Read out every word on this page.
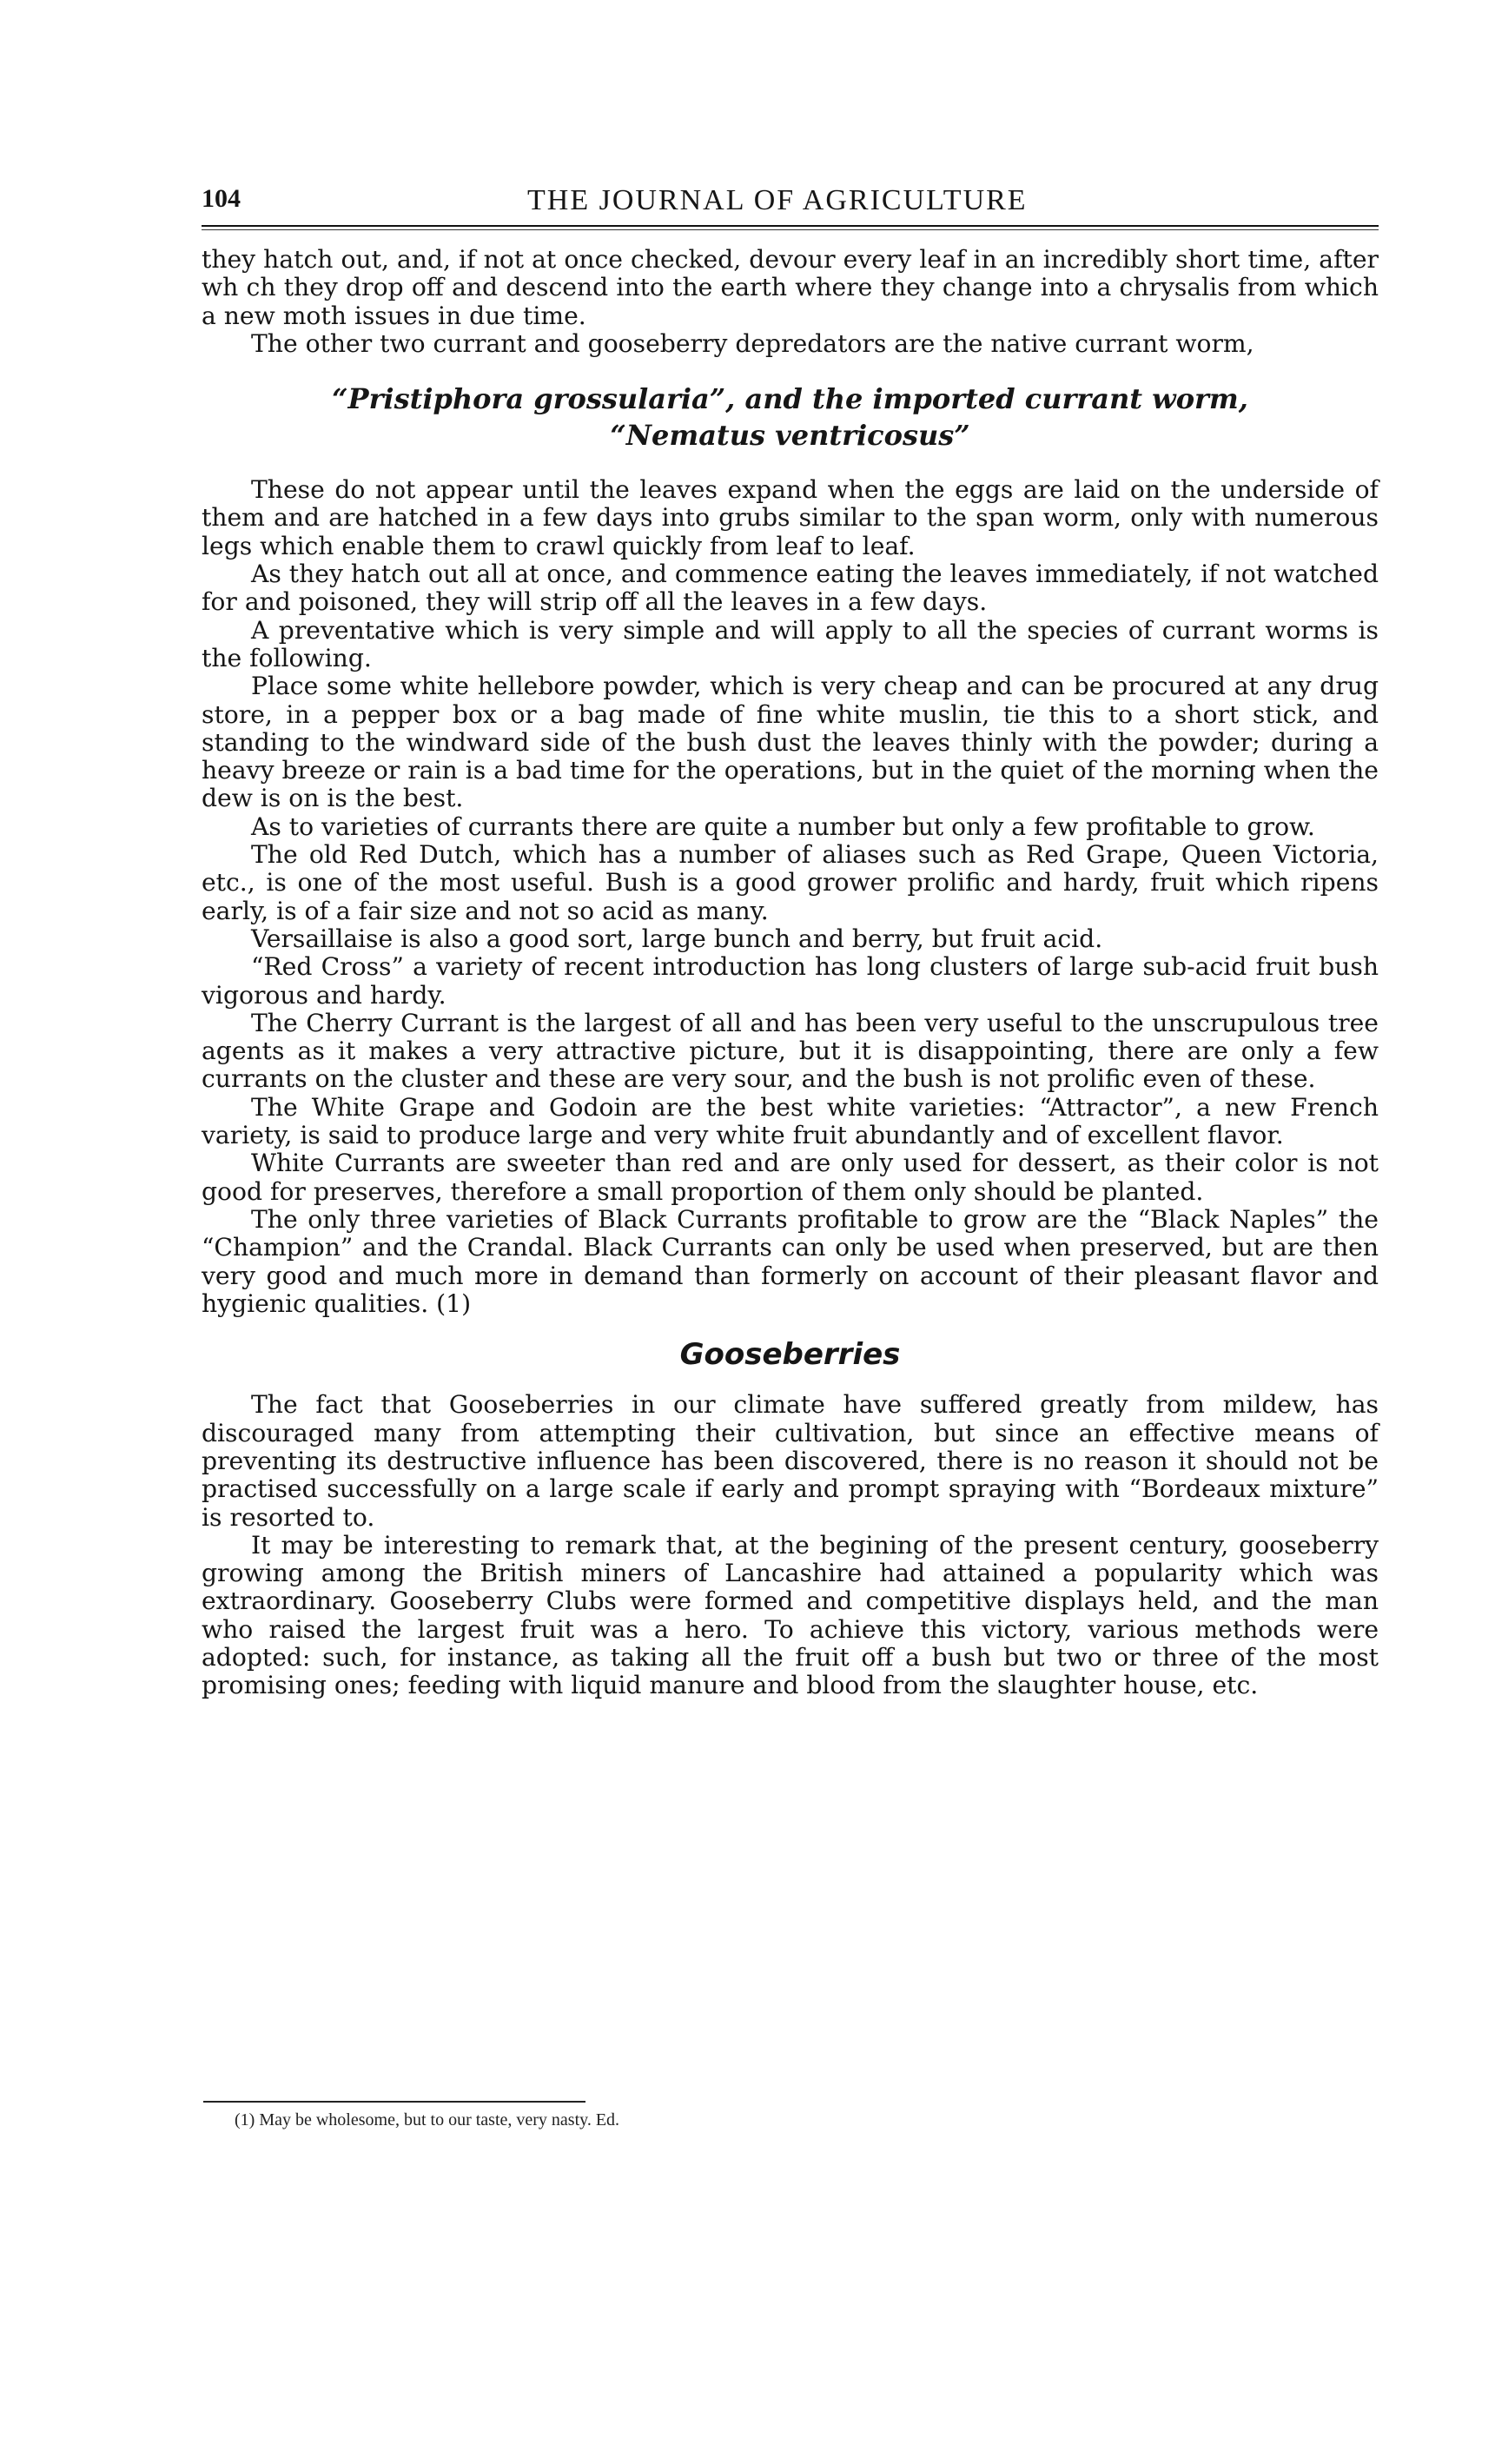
104	THE JOURNAL OF AGRICULTURE

they hatch out, and, if not at once checked, devour every leaf in an incredibly short time, after wh ch they drop off and descend into the earth where they change into a chrysalis from which a new moth issues in due time.

The other two currant and gooseberry depredators are the native currant worm,

“Pristiphora grossularia”, and the imported currant worm,
“Nematus ventricosus”

These do not appear until the leaves expand when the eggs are laid on the underside of them and are hatched in a few days into grubs similar to the span worm, only with numerous legs which enable them to crawl quickly from leaf to leaf.

As they hatch out all at once, and commence eating the leaves immediately, if not watched for and poisoned, they will strip off all the leaves in a few days.

A preventative which is very simple and will apply to all the species of currant worms is the following.

Place some white hellebore powder, which is very cheap and can be procured at any drug store, in a pepper box or a bag made of fine white muslin, tie this to a short stick, and standing to the windward side of the bush dust the leaves thinly with the powder; during a heavy breeze or rain is a bad time for the operations, but in the quiet of the morning when the dew is on is the best.

As to varieties of currants there are quite a number but only a few profitable to grow.

The old Red Dutch, which has a number of aliases such as Red Grape, Queen Victoria, etc., is one of the most useful. Bush is a good grower prolific and hardy, fruit which ripens early, is of a fair size and not so acid as many.

Versaillaise is also a good sort, large bunch and berry, but fruit acid.

“Red Cross” a variety of recent introduction has long clusters of large sub-acid fruit bush vigorous and hardy.

The Cherry Currant is the largest of all and has been very useful to the unscrupulous tree agents as it makes a very attractive picture, but it is disappointing, there are only a few currants on the cluster and these are very sour, and the bush is not prolific even of these.

The White Grape and Godoin are the best white varieties: “Attractor”, a new French variety, is said to produce large and very white fruit abundantly and of excellent flavor.

White Currants are sweeter than red and are only used for dessert, as their color is not good for preserves, therefore a small proportion of them only should be planted.

The only three varieties of Black Currants profitable to grow are the “Black Naples” the “Champion” and the Crandal. Black Currants can only be used when preserved, but are then very good and much more in demand than formerly on account of their pleasant flavor and hygienic qualities. (1)

Gooseberries

The fact that Gooseberries in our climate have suffered greatly from mildew, has discouraged many from attempting their cultivation, but since an effective means of preventing its destructive influence has been discovered, there is no reason it should not be practised successfully on a large scale if early and prompt spraying with “Bordeaux mixture” is resorted to.

It may be interesting to remark that, at the begining of the present century, gooseberry growing among the British miners of Lancashire had attained a popularity which was extraordinary. Gooseberry Clubs were formed and competitive displays held, and the man who raised the largest fruit was a hero. To achieve this victory, various methods were adopted: such, for instance, as taking all the fruit off a bush but two or three of the most promising ones; feeding with liquid manure and blood from the slaughter house, etc.

(1) May be wholesome, but to our taste, very nasty. Ed.
